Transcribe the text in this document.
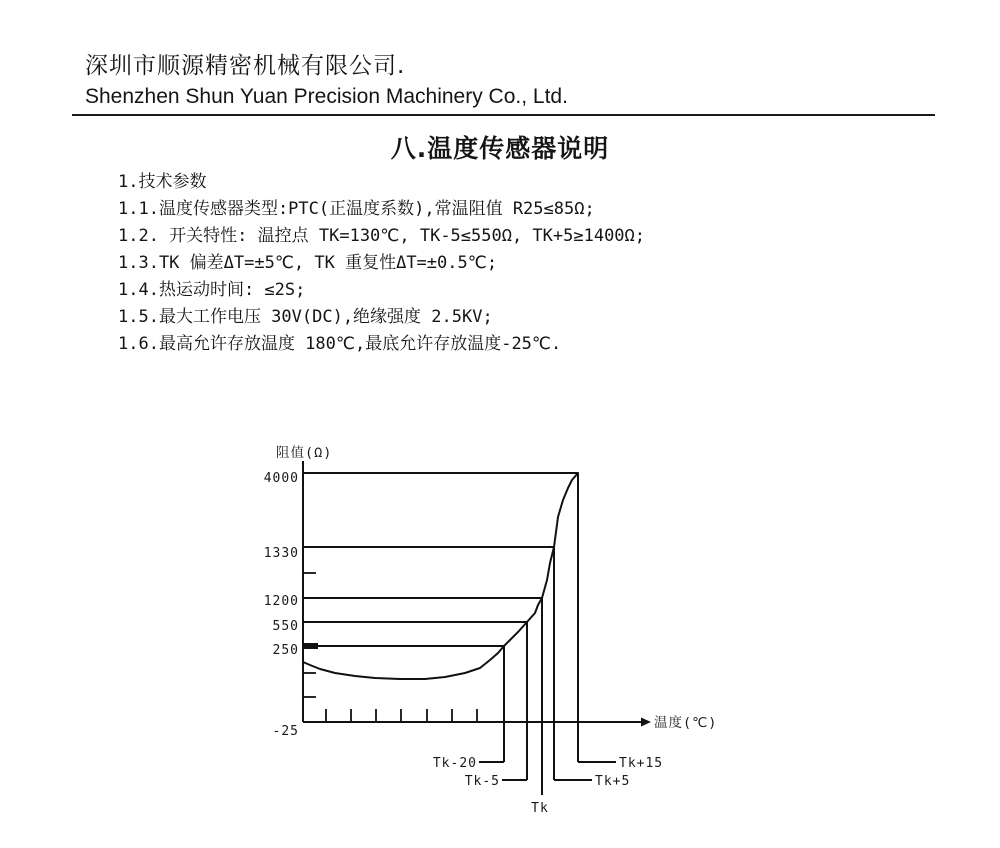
深圳市顺源精密机械有限公司.
Shenzhen Shun Yuan Precision Machinery Co., Ltd.
八.温度传感器说明
1.技术参数
1.1.温度传感器类型:PTC(正温度系数),常温阻值 R25≤85Ω;
1.2. 开关特性: 温控点 TK=130℃, TK-5≤550Ω, TK+5≥1400Ω;
1.3.TK 偏差ΔT=±5℃, TK 重复性ΔT=±0.5℃;
1.4.热运动时间: ≤2S;
1.5.最大工作电压 30V(DC),绝缘强度 2.5KV;
1.6.最高允许存放温度 180℃,最底允许存放温度-25℃.
阻值(Ω)
温度(℃)
4000
1330
1200
550
250
-25
Tk-20
Tk-5
Tk
Tk+5
Tk+15
